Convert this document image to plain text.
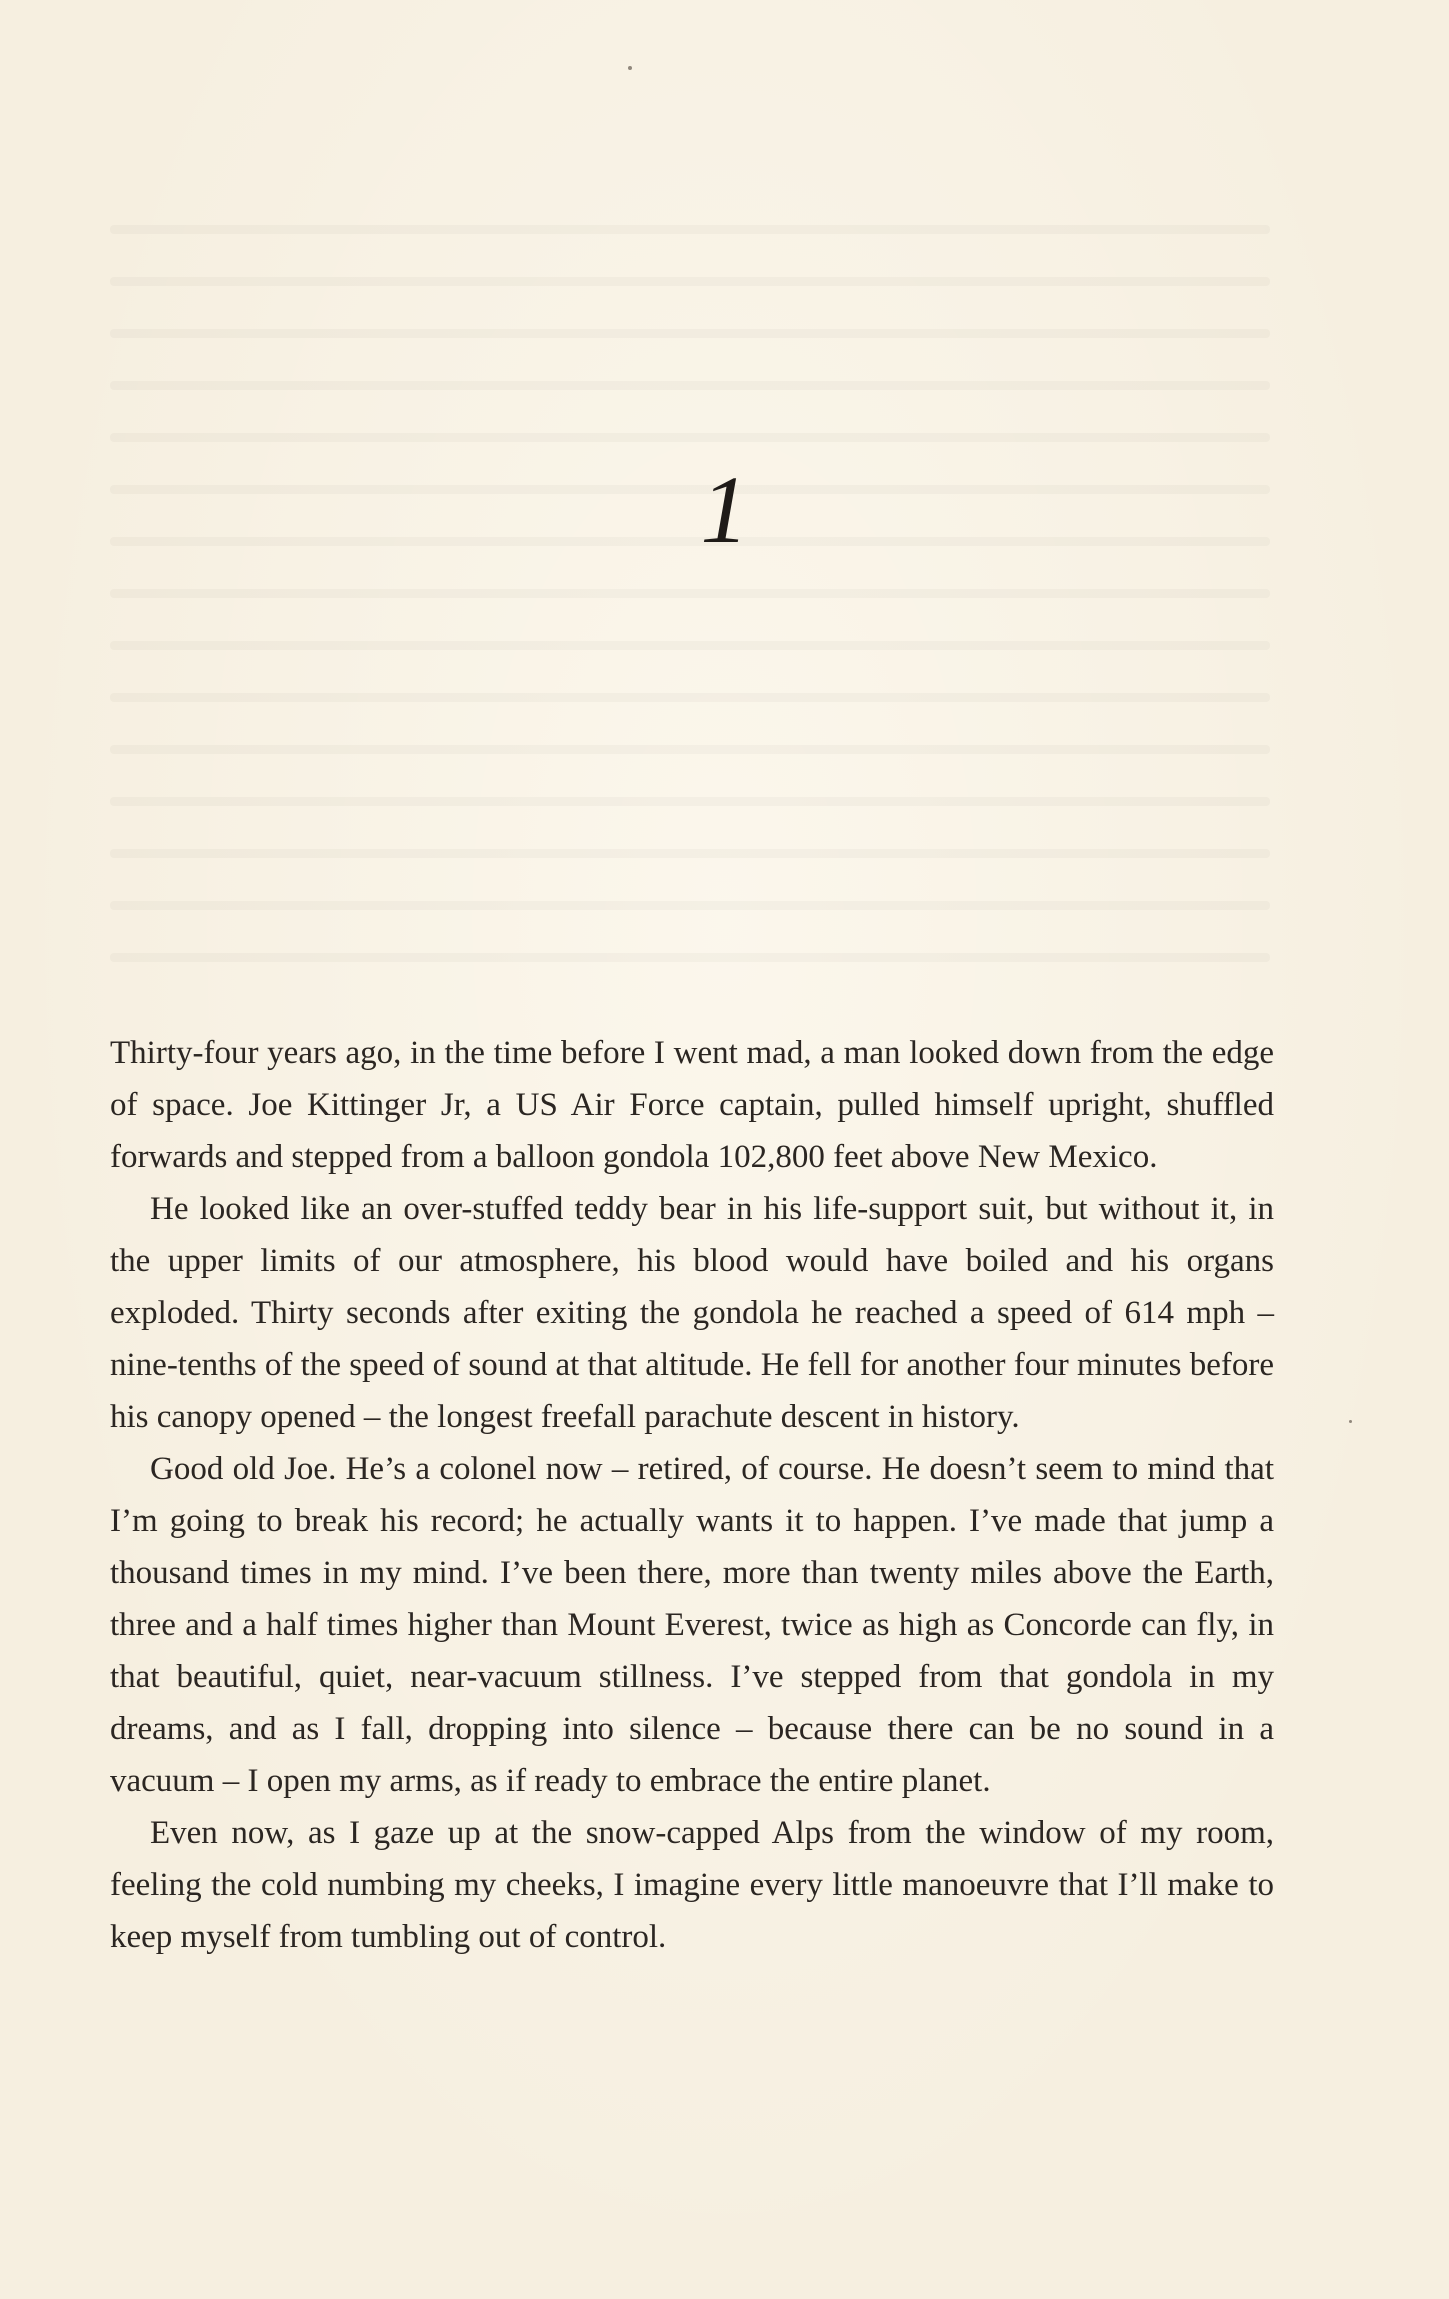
1

Thirty-four years ago, in the time before I went mad, a man looked down from the edge of space. Joe Kittinger Jr, a US Air Force captain, pulled himself upright, shuffled forwards and stepped from a balloon gondola 102,800 feet above New Mexico.

He looked like an over-stuffed teddy bear in his life-support suit, but without it, in the upper limits of our atmosphere, his blood would have boiled and his organs exploded. Thirty seconds after exiting the gondola he reached a speed of 614 mph – nine-tenths of the speed of sound at that altitude. He fell for another four minutes before his canopy opened – the longest freefall parachute descent in history.

Good old Joe. He’s a colonel now – retired, of course. He doesn’t seem to mind that I’m going to break his record; he actually wants it to happen. I’ve made that jump a thousand times in my mind. I’ve been there, more than twenty miles above the Earth, three and a half times higher than Mount Everest, twice as high as Concorde can fly, in that beautiful, quiet, near-vacuum stillness. I’ve stepped from that gondola in my dreams, and as I fall, dropping into silence – because there can be no sound in a vacuum – I open my arms, as if ready to embrace the entire planet.

Even now, as I gaze up at the snow-capped Alps from the window of my room, feeling the cold numbing my cheeks, I imagine every little manoeuvre that I’ll make to keep myself from tumbling out of control.
